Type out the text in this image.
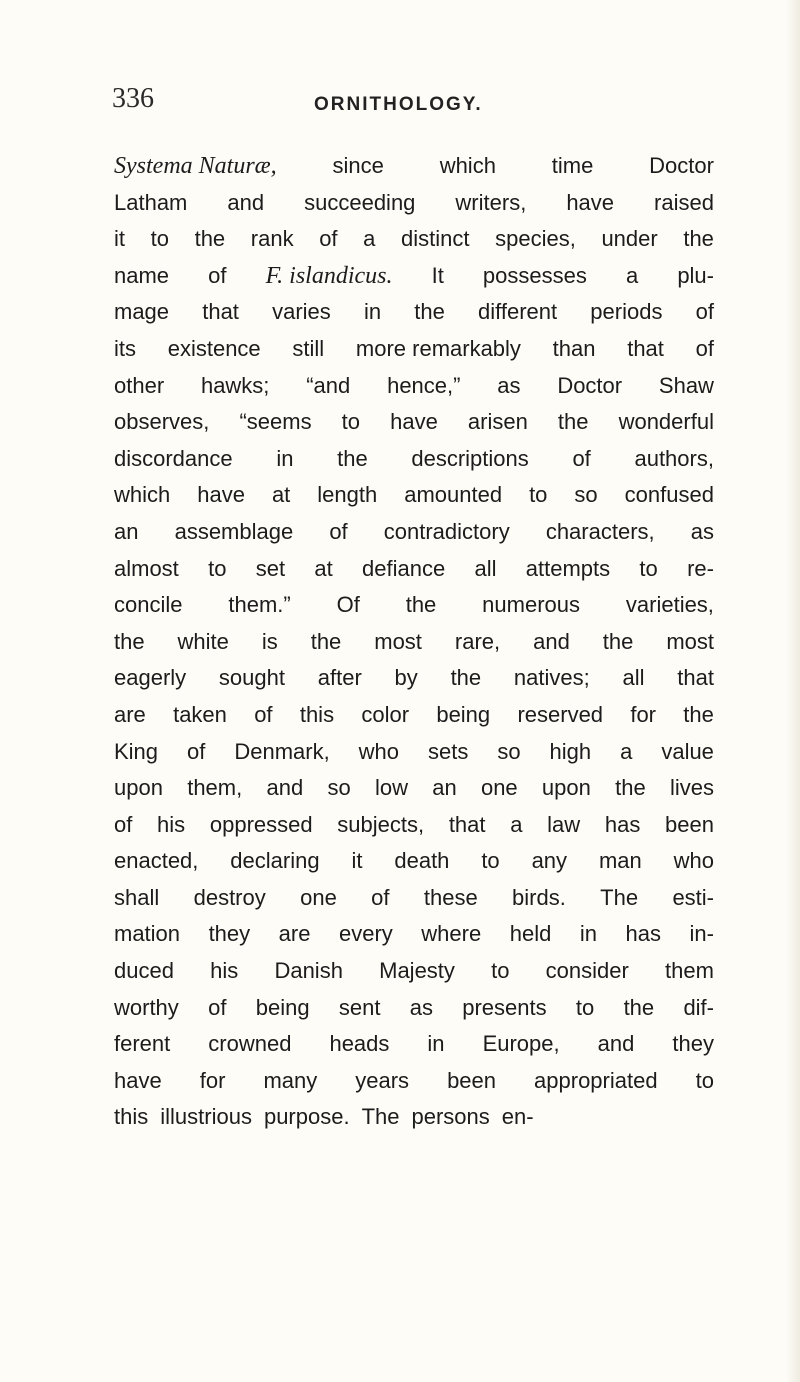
336	ORNITHOLOGY.
Systema Naturæ,	since	which	time	Doctor
Latham and succeeding writers, have raised
it to the rank of a distinct species, under the
name of F. islandicus. It possesses a plu-
mage that varies in the different periods of
its existence still more remarkably than that of
other hawks; “and hence,” as Doctor Shaw
observes, “seems to have arisen the wonderful
discordance in the descriptions of authors,
which have at length amounted to so confused
an assemblage of contradictory characters, as
almost to set at defiance all attempts to re-
concile them.” Of the numerous varieties,
the white is the most rare, and the most
eagerly sought after by the natives; all that
are taken of this color being reserved for the
King of Denmark, who sets so high a value
upon them, and so low an one upon the lives
of his oppressed subjects, that a law has been
enacted, declaring it death to any man who
shall destroy one of these birds. The esti-
mation they are every where held in has in-
duced his Danish Majesty to consider them
worthy of being sent as presents to the dif-
ferent crowned heads in Europe, and they
have for many years been appropriated to
this illustrious purpose. The persons en-
